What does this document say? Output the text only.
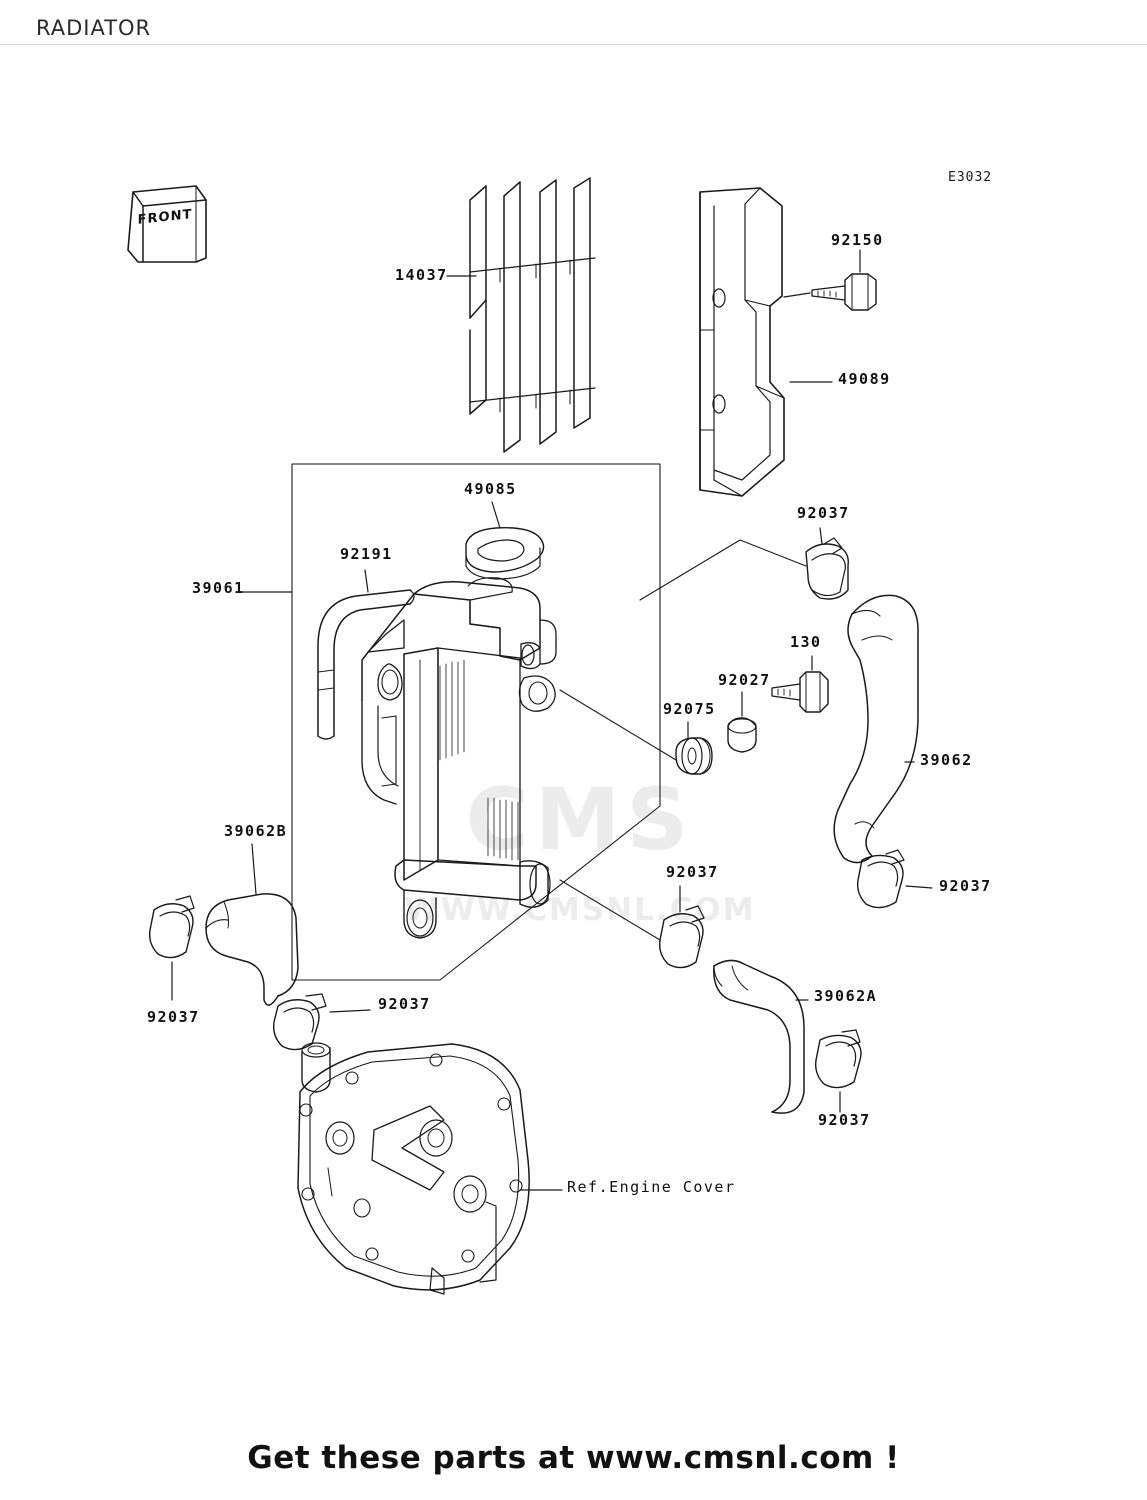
RADIATOR
E3032
CMS
WWW.CMSNL.COM
FRONT
14037
92150
49089
49085
92191
39061
92037
130
92027
92075
39062
92037
39062B
92037
92037
92037	39062A
92037
Ref.Engine Cover
Get these parts at www.cmsnl.com !
